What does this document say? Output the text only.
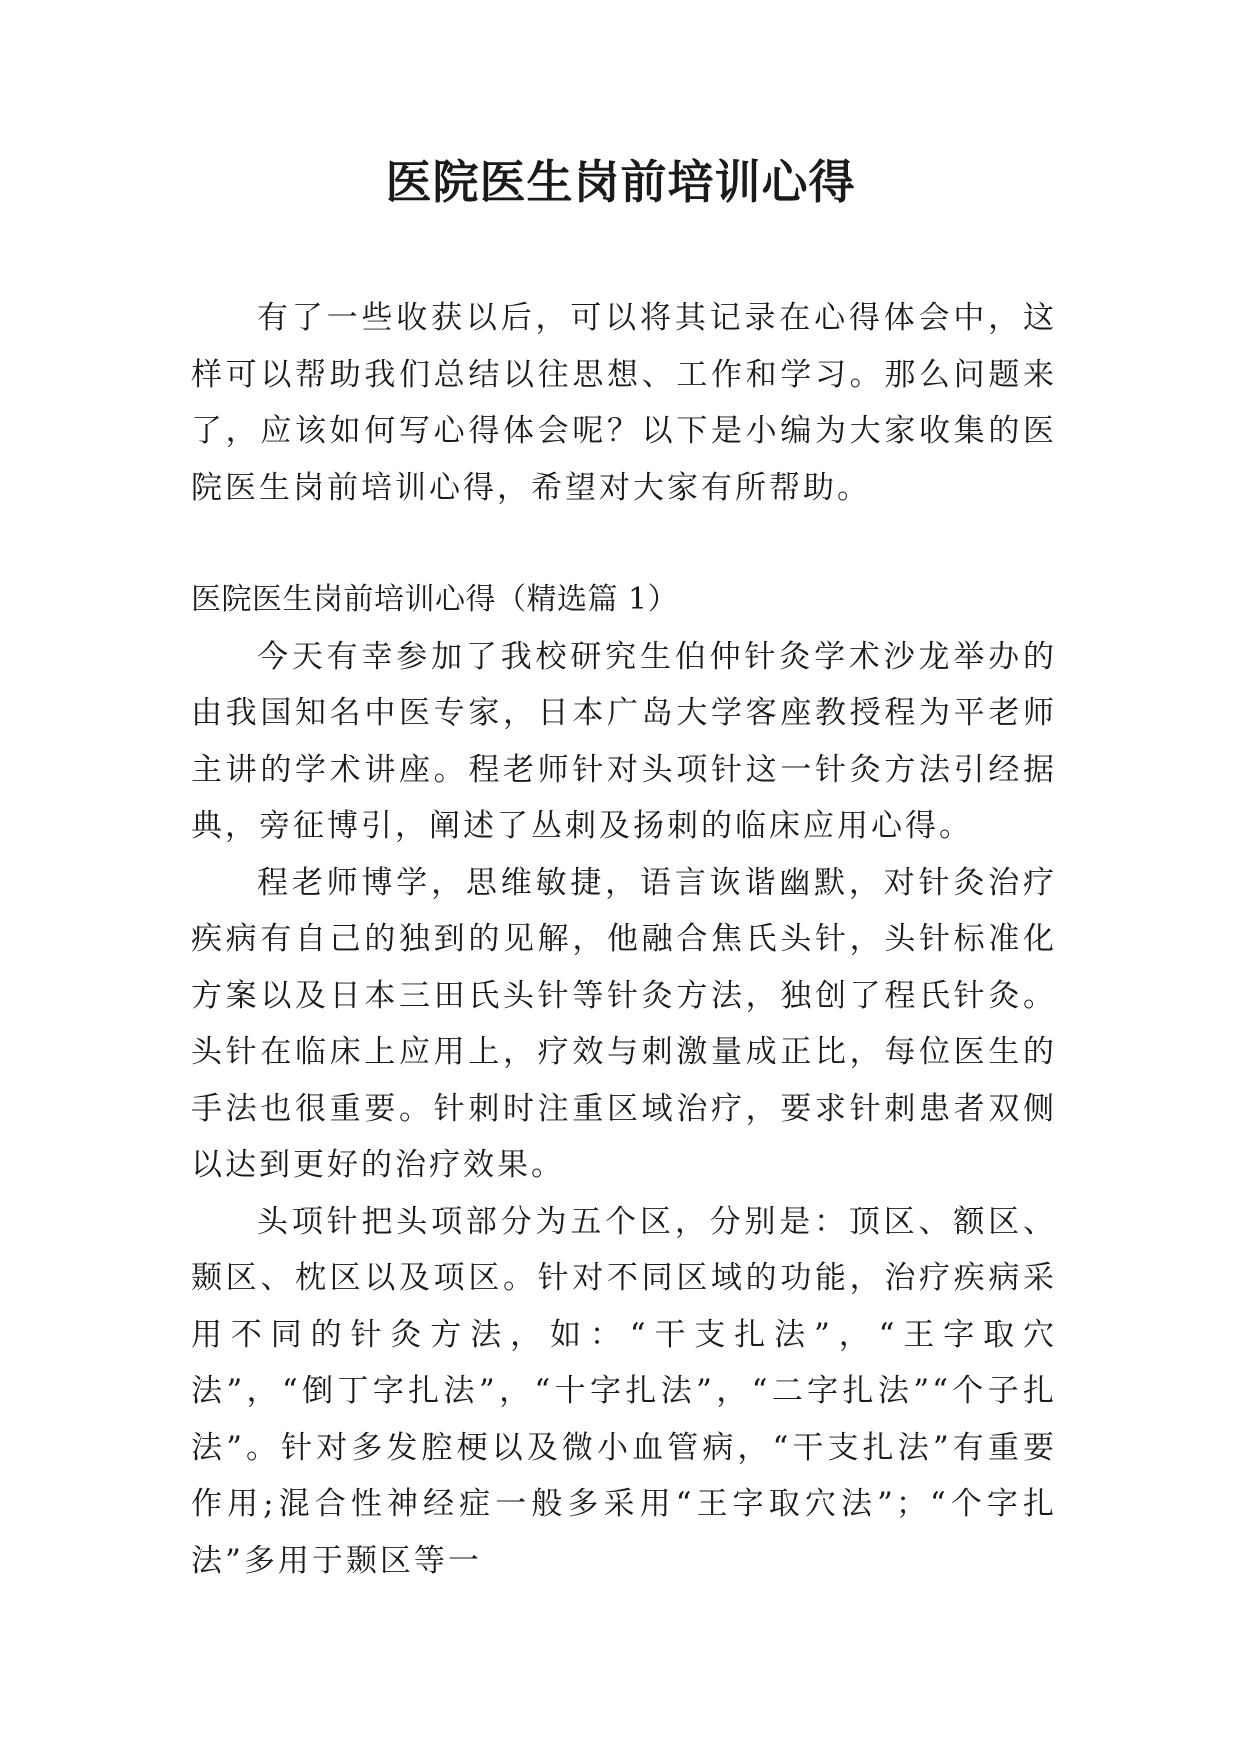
医院医生岗前培训心得

有了一些收获以后，可以将其记录在心得体会中，这样可以帮助我们总结以往思想、工作和学习。那么问题来了，应该如何写心得体会呢？以下是小编为大家收集的医院医生岗前培训心得，希望对大家有所帮助。

医院医生岗前培训心得（精选篇 1）

今天有幸参加了我校研究生伯仲针灸学术沙龙举办的由我国知名中医专家，日本广岛大学客座教授程为平老师主讲的学术讲座。程老师针对头项针这一针灸方法引经据典，旁征博引，阐述了丛刺及扬刺的临床应用心得。

程老师博学，思维敏捷，语言诙谐幽默，对针灸治疗疾病有自己的独到的见解，他融合焦氏头针，头针标准化方案以及日本三田氏头针等针灸方法，独创了程氏针灸。头针在临床上应用上，疗效与刺激量成正比，每位医生的手法也很重要。针刺时注重区域治疗，要求针刺患者双侧以达到更好的治疗效果。

头项针把头项部分为五个区，分别是：顶区、额区、颞区、枕区以及项区。针对不同区域的功能，治疗疾病采用不同的针灸方法，如：“干支扎法”，“王字取穴法”，“倒丁字扎法”，“十字扎法”，“二字扎法”“个子扎法”。针对多发腔梗以及微小血管病，“干支扎法”有重要作用;混合性神经症一般多采用“王字取穴法”；“个字扎法”多用于颞区等一
